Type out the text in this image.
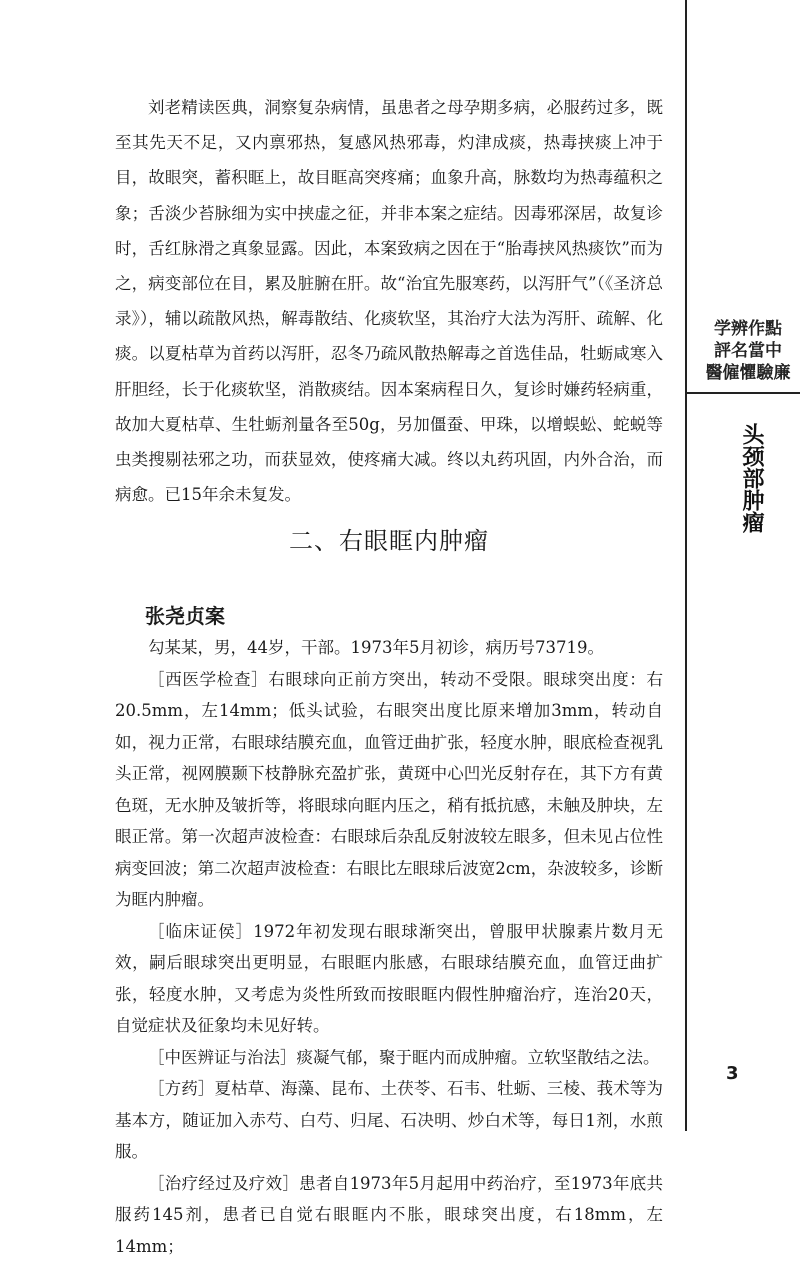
学辨作點
評名當中
醫僱懼驗廉
头颈部肿瘤

刘老精读医典，洞察复杂病情，虽患者之母孕期多病，必服药过多，既至其先天不足，又内禀邪热，复感风热邪毒，灼津成痰，热毒挟痰上冲于目，故眼突，蓄积眶上，故目眶高突疼痛；血象升高，脉数均为热毒蕴积之象；舌淡少苔脉细为实中挟虚之征，并非本案之症结。因毒邪深居，故复诊时，舌红脉滑之真象显露。因此，本案致病之因在于“胎毒挟风热痰饮”而为之，病变部位在目，累及脏腑在肝。故“治宜先服寒药，以泻肝气”（《圣济总录》），辅以疏散风热，解毒散结、化痰软坚，其治疗大法为泻肝、疏解、化痰。以夏枯草为首药以泻肝，忍冬乃疏风散热解毒之首选佳品，牡蛎咸寒入肝胆经，长于化痰软坚，消散痰结。因本案病程日久，复诊时嫌药轻病重，故加大夏枯草、生牡蛎剂量各至50g，另加僵蚕、甲珠，以增蜈蚣、蛇蜕等虫类搜剔祛邪之功，而获显效，使疼痛大减。终以丸药巩固，内外合治，而病愈。已15年余未复发。

二、右眼眶内肿瘤
张尧贞案

勾某某，男，44岁，干部。1973年5月初诊，病历号73719。

［西医学检查］右眼球向正前方突出，转动不受限。眼球突出度：右20.5mm，左14mm；低头试验，右眼突出度比原来增加3mm，转动自如，视力正常，右眼球结膜充血，血管迂曲扩张，轻度水肿，眼底检查视乳头正常，视网膜颞下枝静脉充盈扩张，黄斑中心凹光反射存在，其下方有黄色斑，无水肿及皱折等，将眼球向眶内压之，稍有抵抗感，未触及肿块，左眼正常。第一次超声波检查：右眼球后杂乱反射波较左眼多，但未见占位性病变回波；第二次超声波检查：右眼比左眼球后波宽2cm，杂波较多，诊断为眶内肿瘤。

［临床证侯］1972年初发现右眼球渐突出，曾服甲状腺素片数月无效，嗣后眼球突出更明显，右眼眶内胀感，右眼球结膜充血，血管迂曲扩张，轻度水肿，又考虑为炎性所致而按眼眶内假性肿瘤治疗，连治20天，自觉症状及征象均未见好转。

［中医辨证与治法］痰凝气郁，聚于眶内而成肿瘤。立软坚散结之法。

［方药］夏枯草、海藻、昆布、土茯苓、石韦、牡蛎、三棱、莪术等为基本方，随证加入赤芍、白芍、归尾、石决明、炒白术等，每日1剂，水煎服。

［治疗经过及疗效］患者自1973年5月起用中药治疗，至1973年底共服药145剂，患者已自觉右眼眶内不胀，眼球突出度，右18mm，左14mm；

3
